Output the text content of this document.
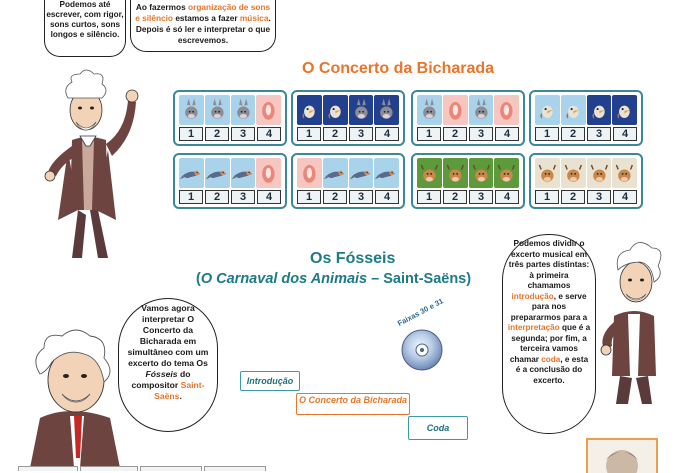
Podemos até escrever, com rigor, sons curtos, sons longos e silêncio.
Ao fazermos organização de sons e silêncio estamos a fazer música. Depois é só ler e interpretar o que escrevemos.
O Concerto da Bicharada
1	2	3	4	1	2	3	4	1	2	3	4	1	2	3	4
1	2	3	4	1	2	3	4	1	2	3	4	1	2	3	4
Os Fósseis
(O Carnaval dos Animais – Saint-Saëns)
Faixas 30 e 31
Introdução
O Concerto da Bicharada
Coda
Vamos agora interpretar O Concerto da Bicharada em simultâneo com um excerto do tema Os Fósseis do compositor Saint-Saëns.
Podemos dividir o excerto musical em três partes distintas: à primeira chamamos introdução, e serve para nos prepararmos para a interpretação que é a segunda; por fim, a terceira vamos chamar coda, e esta é a conclusão do excerto.
